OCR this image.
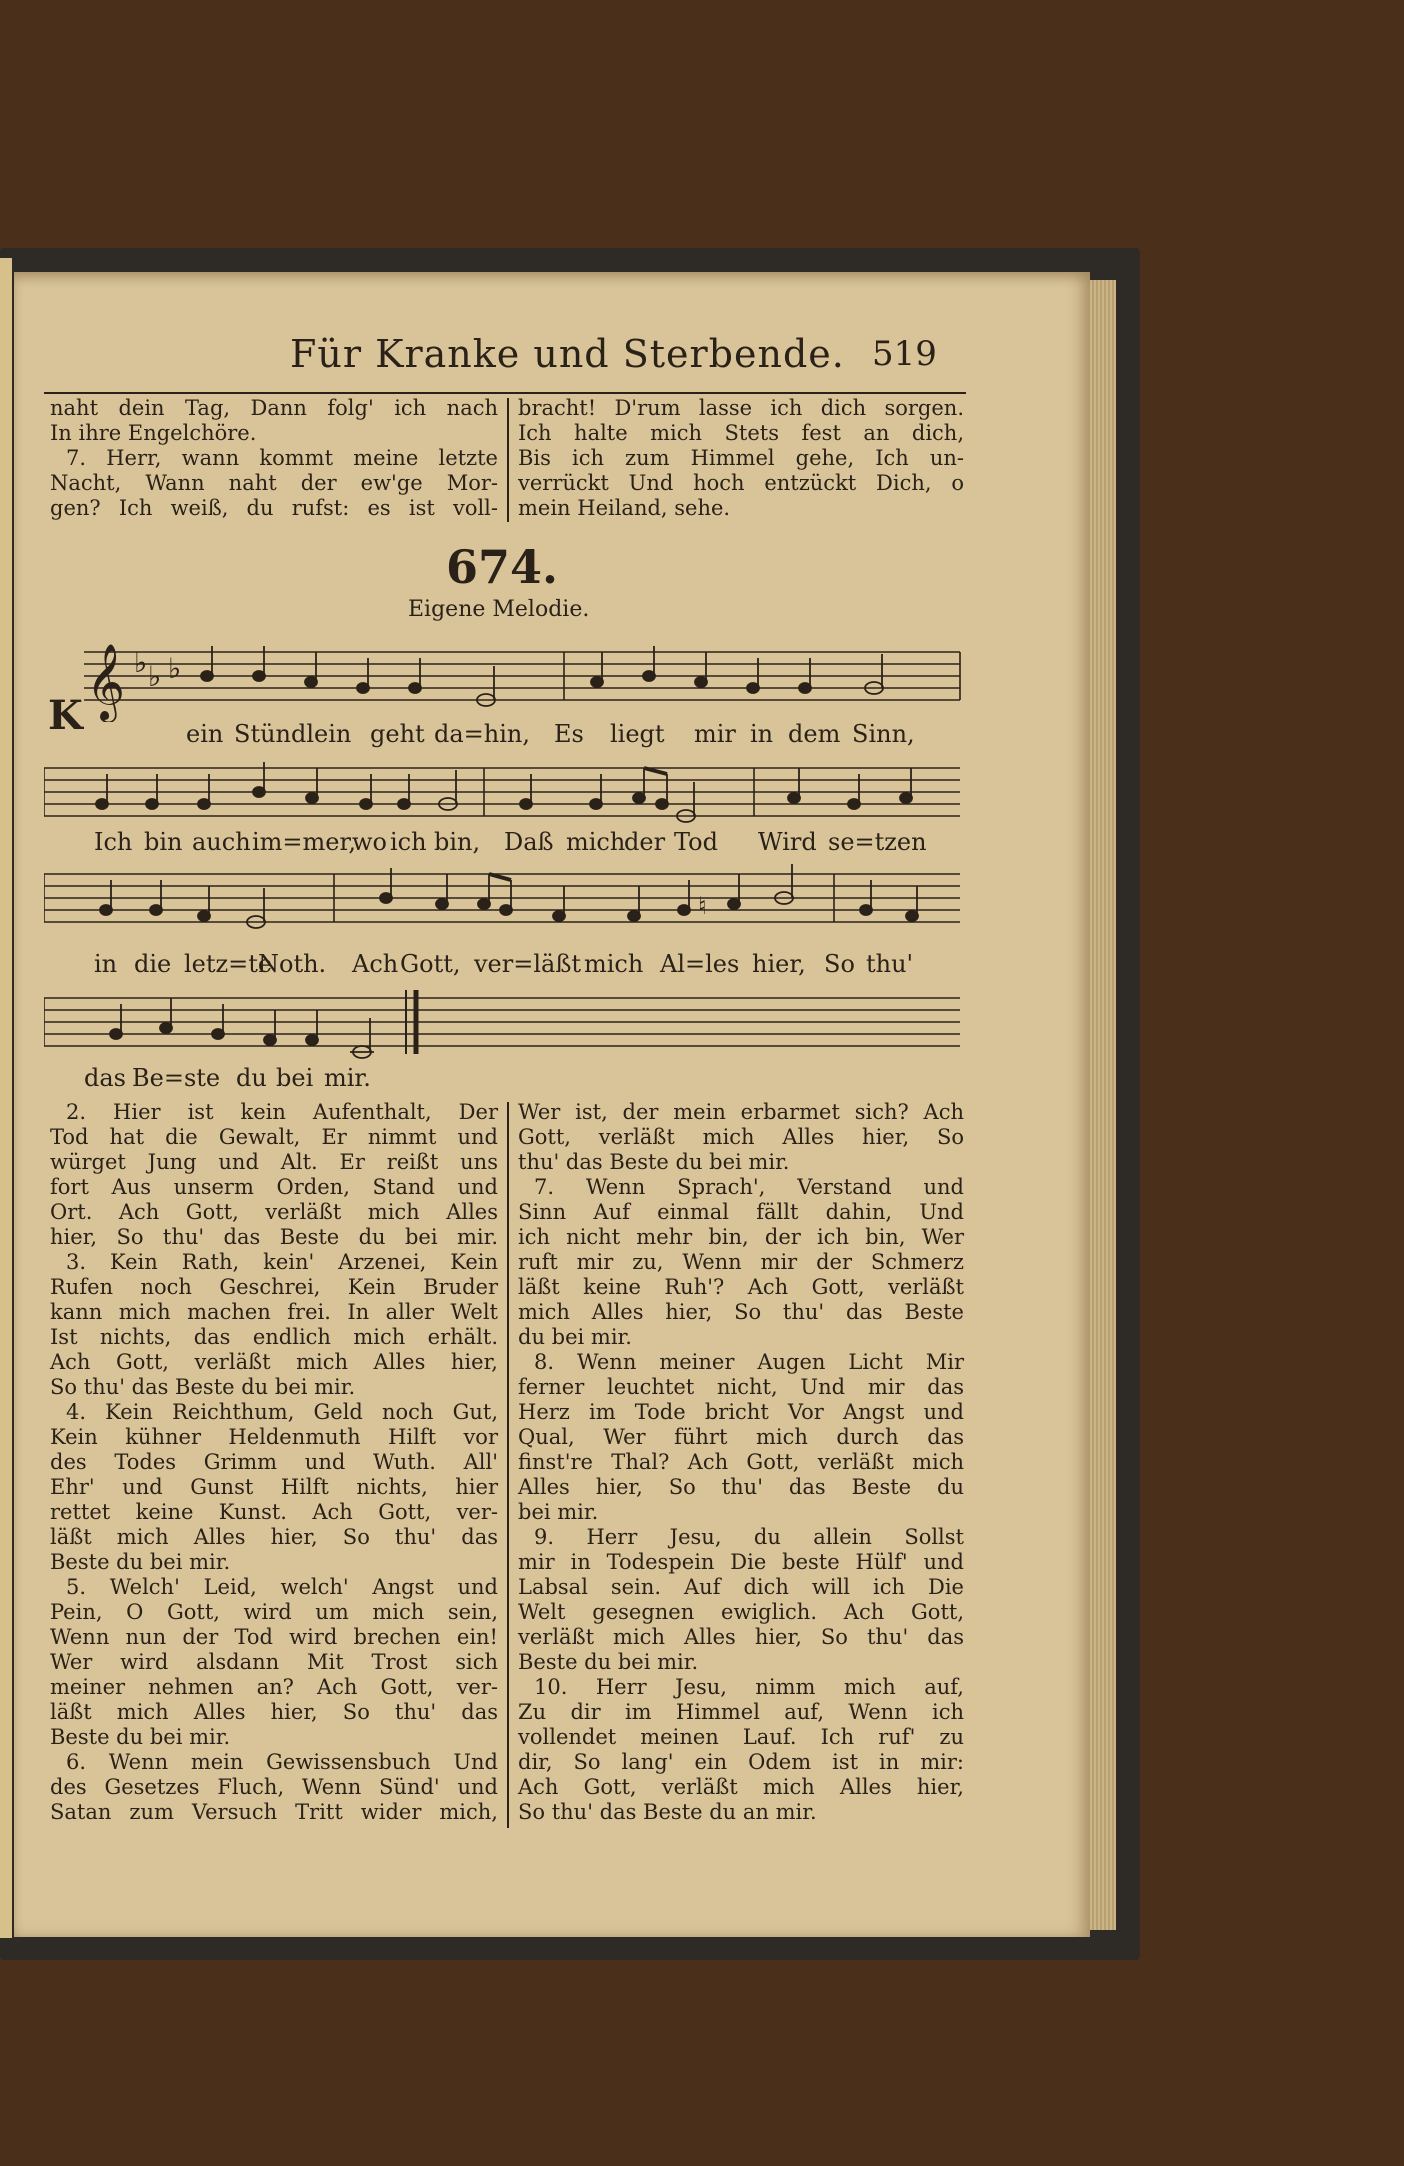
Für Kranke und Sterbende. 519

naht dein Tag, Dann folg' ich nach

In ihre Engelchöre.

7. Herr, wann kommt meine letzte

Nacht, Wann naht der ew'ge Mor-

gen? Ich weiß, du rufst: es ist voll-

bracht! D'rum lasse ich dich sorgen.

Ich halte mich Stets fest an dich,

Bis ich zum Himmel gehe, Ich un-

verrückt Und hoch entzückt Dich, o

mein Heiland, sehe.

674.
Eigene Melodie.
𝄞 ♭ ♭ ♭
K	ein Stündlein geht da=hin, Es liegt mir in dem Sinn,
Ich bin auch im=mer,
wo ich bin, Daß mich
der Tod Wird se=tzen
♮
in die letz=te
Noth. Ach Gott, ver=läßt mich Al=les hier, So thu'
das Be=ste du bei mir.

2. Hier ist kein Aufenthalt, Der

Tod hat die Gewalt, Er nimmt und

würget Jung und Alt. Er reißt uns

fort Aus unserm Orden, Stand und

Ort. Ach Gott, verläßt mich Alles

hier, So thu' das Beste du bei mir.

3. Kein Rath, kein' Arzenei, Kein

Rufen noch Geschrei, Kein Bruder

kann mich machen frei. In aller Welt

Ist nichts, das endlich mich erhält.

Ach Gott, verläßt mich Alles hier,

So thu' das Beste du bei mir.

4. Kein Reichthum, Geld noch Gut,

Kein kühner Heldenmuth Hilft vor

des Todes Grimm und Wuth. All'

Ehr' und Gunst Hilft nichts, hier

rettet keine Kunst. Ach Gott, ver-

läßt mich Alles hier, So thu' das

Beste du bei mir.

5. Welch' Leid, welch' Angst und

Pein, O Gott, wird um mich sein,

Wenn nun der Tod wird brechen ein!

Wer wird alsdann Mit Trost sich

meiner nehmen an? Ach Gott, ver-

läßt mich Alles hier, So thu' das

Beste du bei mir.

6. Wenn mein Gewissensbuch Und

des Gesetzes Fluch, Wenn Sünd' und

Satan zum Versuch Tritt wider mich,

Wer ist, der mein erbarmet sich? Ach

Gott, verläßt mich Alles hier, So

thu' das Beste du bei mir.

7. Wenn Sprach', Verstand und

Sinn Auf einmal fällt dahin, Und

ich nicht mehr bin, der ich bin, Wer

ruft mir zu, Wenn mir der Schmerz

läßt keine Ruh'? Ach Gott, verläßt

mich Alles hier, So thu' das Beste

du bei mir.

8. Wenn meiner Augen Licht Mir

ferner leuchtet nicht, Und mir das

Herz im Tode bricht Vor Angst und

Qual, Wer führt mich durch das

finst're Thal? Ach Gott, verläßt mich

Alles hier, So thu' das Beste du

bei mir.

9. Herr Jesu, du allein Sollst

mir in Todespein Die beste Hülf' und

Labsal sein. Auf dich will ich Die

Welt gesegnen ewiglich. Ach Gott,

verläßt mich Alles hier, So thu' das

Beste du bei mir.

10. Herr Jesu, nimm mich auf,

Zu dir im Himmel auf, Wenn ich

vollendet meinen Lauf. Ich ruf' zu

dir, So lang' ein Odem ist in mir:

Ach Gott, verläßt mich Alles hier,

So thu' das Beste du an mir.
